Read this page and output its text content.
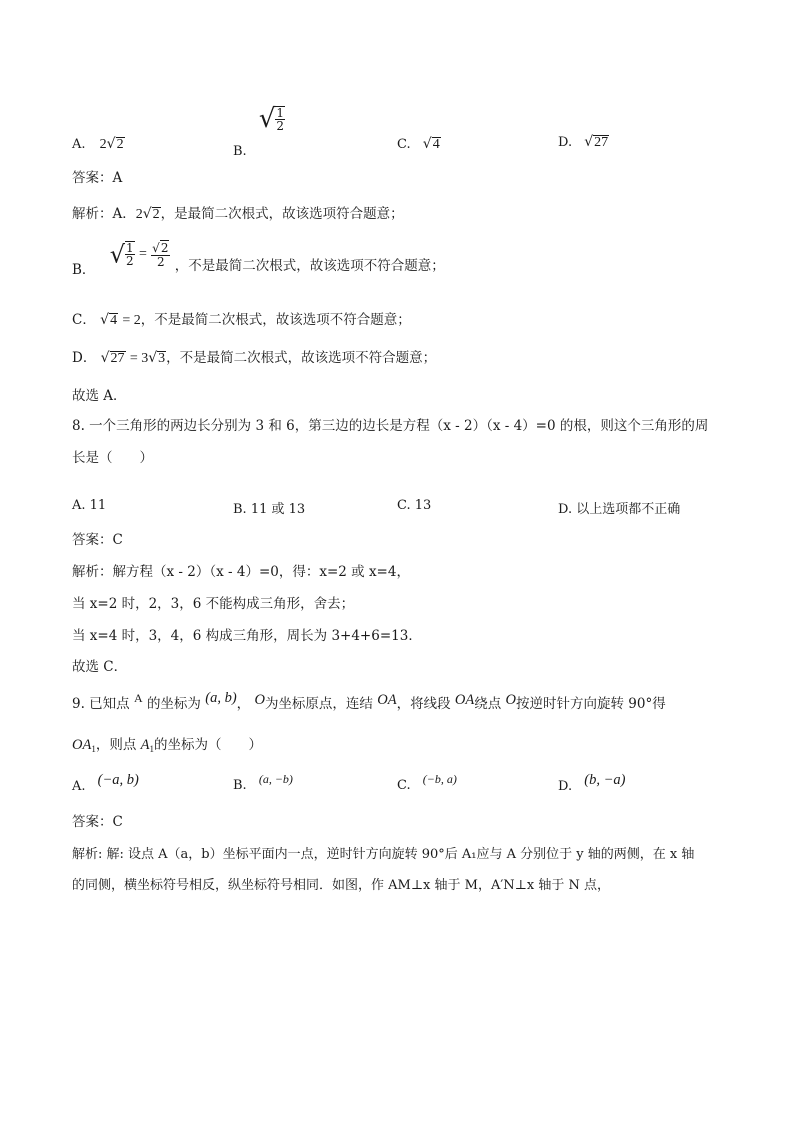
A. 2√2	B. √ $\frac{1}{2}$
C. √4	D. √27
答案：A
解析：A．2√2，是最简二次根式，故该选项符合题意；
B． √ $\frac{1}{2} = \frac{√2}{2}$ ，不是最简二次根式，故该选项不符合题意；
C． √4 = 2，不是最简二次根式，故该选项不符合题意；
D． √27 = 3√3，不是最简二次根式，故该选项不符合题意；
故选 A．
8. 一个三角形的两边长分别为 3 和 6，第三边的边长是方程（x - 2）（x - 4）=0 的根，则这个三角形的周
长是（　　）
A. 11	B. 11 或 13	C. 13	D. 以上选项都不正确
答案：C
解析：解方程（x - 2）（x - 4）=0，得：x=2 或 x=4，
当 x=2 时，2，3，6 不能构成三角形，舍去；
当 x=4 时，3，4，6 构成三角形，周长为 3+4+6=13．
故选 C．
9. 已知点 A 的坐标为 (a, b)， O为坐标原点，连结 OA，将线段 OA绕点 O按逆时针方向旋转 90°得
$OA_1$，则点 $A_1$的坐标为（　　）
A. (−a, b)	B. (a, −b)	C. (−b, a)	D. (b, −a)
答案：C
解析: 解: 设点 A（a，b）坐标平面内一点，逆时针方向旋转 90°后 A₁应与 A 分别位于 y 轴的两侧，在 x 轴
的同侧，横坐标符号相反，纵坐标符号相同．如图，作 AM⊥x 轴于 M，A′N⊥x 轴于 N 点，
